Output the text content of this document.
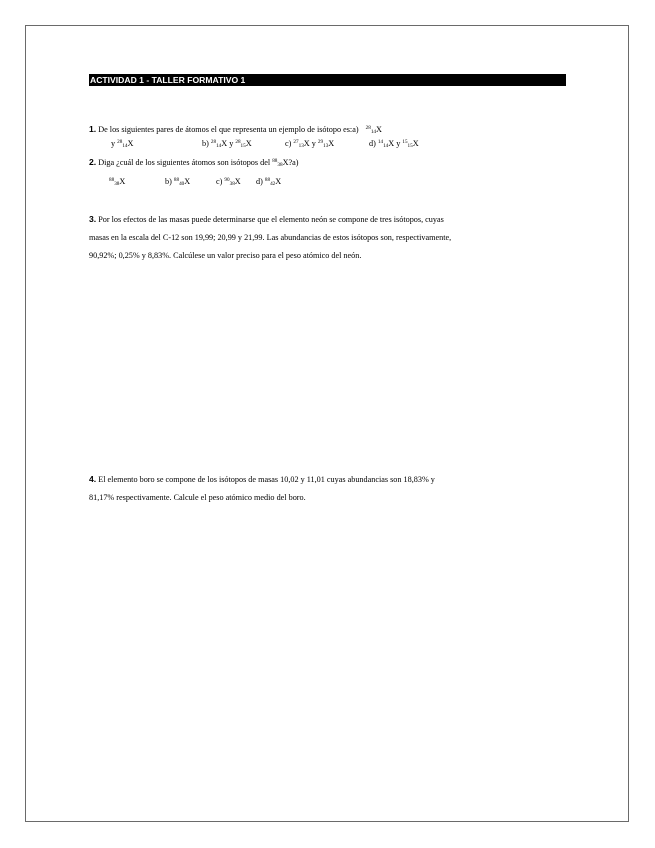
ACTIVIDAD 1 - TALLER FORMATIVO 1
1. De los siguientes pares de átomos el que representa un ejemplo de isótopo es:a) $^{28}_{14}$X
y $^{28}_{14}$X	b) $^{28}_{14}$X y $^{28}_{15}$X	c) $^{27}_{13}$X y $^{29}_{13}$X	d) $^{14}_{14}$X y $^{15}_{15}$X
2. Diga ¿cuál de los siguientes átomos son isótopos del $^{88}_{38}$X?a)
$^{88}_{38}$X	b) $^{88}_{40}$X	c) $^{90}_{38}$X d) $^{88}_{42}$X
3. Por los efectos de las masas puede determinarse que el elemento neón se compone de tres isótopos, cuyas
masas en la escala del C-12 son 19,99; 20,99 y 21,99. Las abundancias de estos isótopos son, respectivamente,
90,92%; 0,25% y 8,83%. Calcúlese un valor preciso para el peso atómico del neón.
4. El elemento boro se compone de los isótopos de masas 10,02 y 11,01 cuyas abundancias son 18,83% y
81,17% respectivamente. Calcule el peso atómico medio del boro.
